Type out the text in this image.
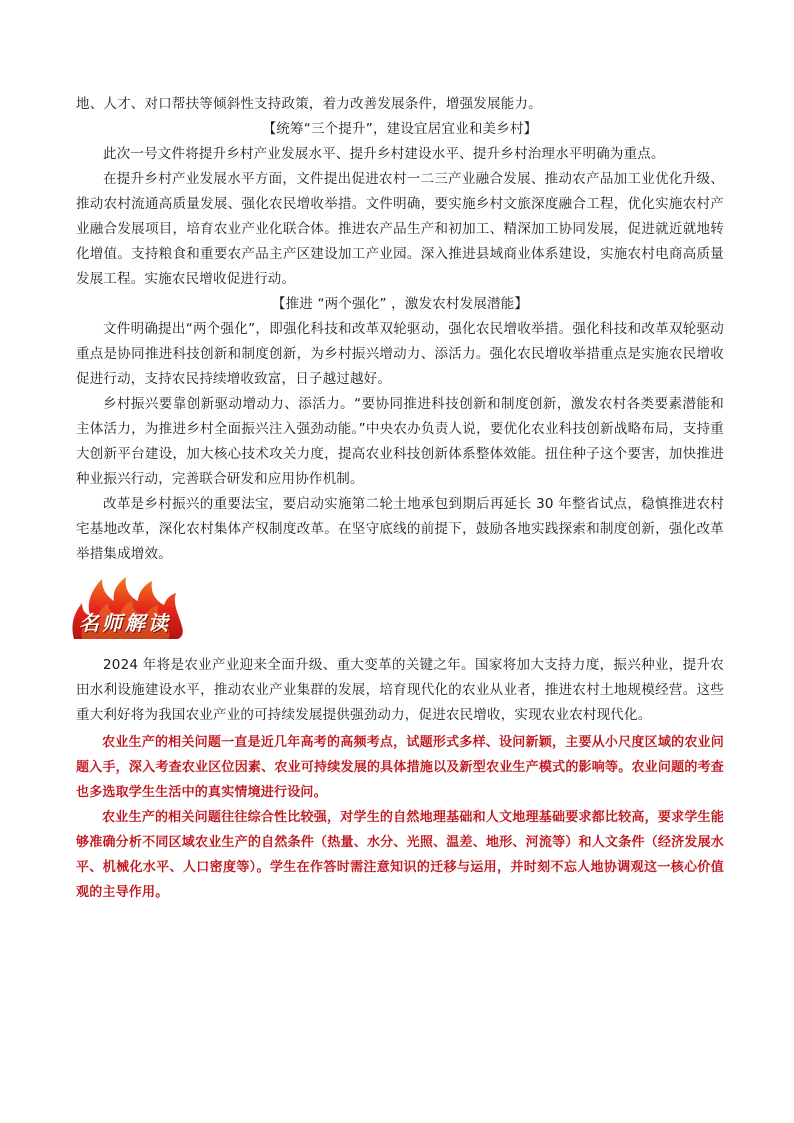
地、人才、对口帮扶等倾斜性支持政策，着力改善发展条件，增强发展能力。

【统筹“三个提升”，建设宜居宜业和美乡村】

此次一号文件将提升乡村产业发展水平、提升乡村建设水平、提升乡村治理水平明确为重点。

在提升乡村产业发展水平方面，文件提出促进农村一二三产业融合发展、推动农产品加工业优化升级、推动农村流通高质量发展、强化农民增收举措。文件明确，要实施乡村文旅深度融合工程，优化实施农村产业融合发展项目，培育农业产业化联合体。推进农产品生产和初加工、精深加工协同发展，促进就近就地转化增值。支持粮食和重要农产品主产区建设加工产业园。深入推进县域商业体系建设，实施农村电商高质量发展工程。实施农民增收促进行动。

【推进 “两个强化” ，激发农村发展潜能】

文件明确提出“两个强化”，即强化科技和改革双轮驱动，强化农民增收举措。强化科技和改革双轮驱动重点是协同推进科技创新和制度创新，为乡村振兴增动力、添活力。强化农民增收举措重点是实施农民增收促进行动，支持农民持续增收致富，日子越过越好。

乡村振兴要靠创新驱动增动力、添活力。“要协同推进科技创新和制度创新，激发农村各类要素潜能和主体活力，为推进乡村全面振兴注入强劲动能。”中央农办负责人说，要优化农业科技创新战略布局，支持重大创新平台建设，加大核心技术攻关力度，提高农业科技创新体系整体效能。扭住种子这个要害，加快推进种业振兴行动，完善联合研发和应用协作机制。

改革是乡村振兴的重要法宝，要启动实施第二轮土地承包到期后再延长 30 年整省试点，稳慎推进农村宅基地改革，深化农村集体产权制度改革。在坚守底线的前提下，鼓励各地实践探索和制度创新，强化改革举措集成增效。

名师解读

2024 年将是农业产业迎来全面升级、重大变革的关键之年。国家将加大支持力度，振兴种业，提升农田水利设施建设水平，推动农业产业集群的发展，培育现代化的农业从业者，推进农村土地规模经营。这些重大利好将为我国农业产业的可持续发展提供强劲动力，促进农民增收，实现农业农村现代化。

农业生产的相关问题一直是近几年高考的高频考点，试题形式多样、设问新颖，主要从小尺度区域的农业问题入手，深入考查农业区位因素、农业可持续发展的具体措施以及新型农业生产模式的影响等。农业问题的考查也多选取学生生活中的真实情境进行设问。

农业生产的相关问题往往综合性比较强，对学生的自然地理基础和人文地理基础要求都比较高，要求学生能够准确分析不同区域农业生产的自然条件（热量、水分、光照、温差、地形、河流等）和人文条件（经济发展水平、机械化水平、人口密度等）。学生在作答时需注意知识的迁移与运用，并时刻不忘人地协调观这一核心价值观的主导作用。
